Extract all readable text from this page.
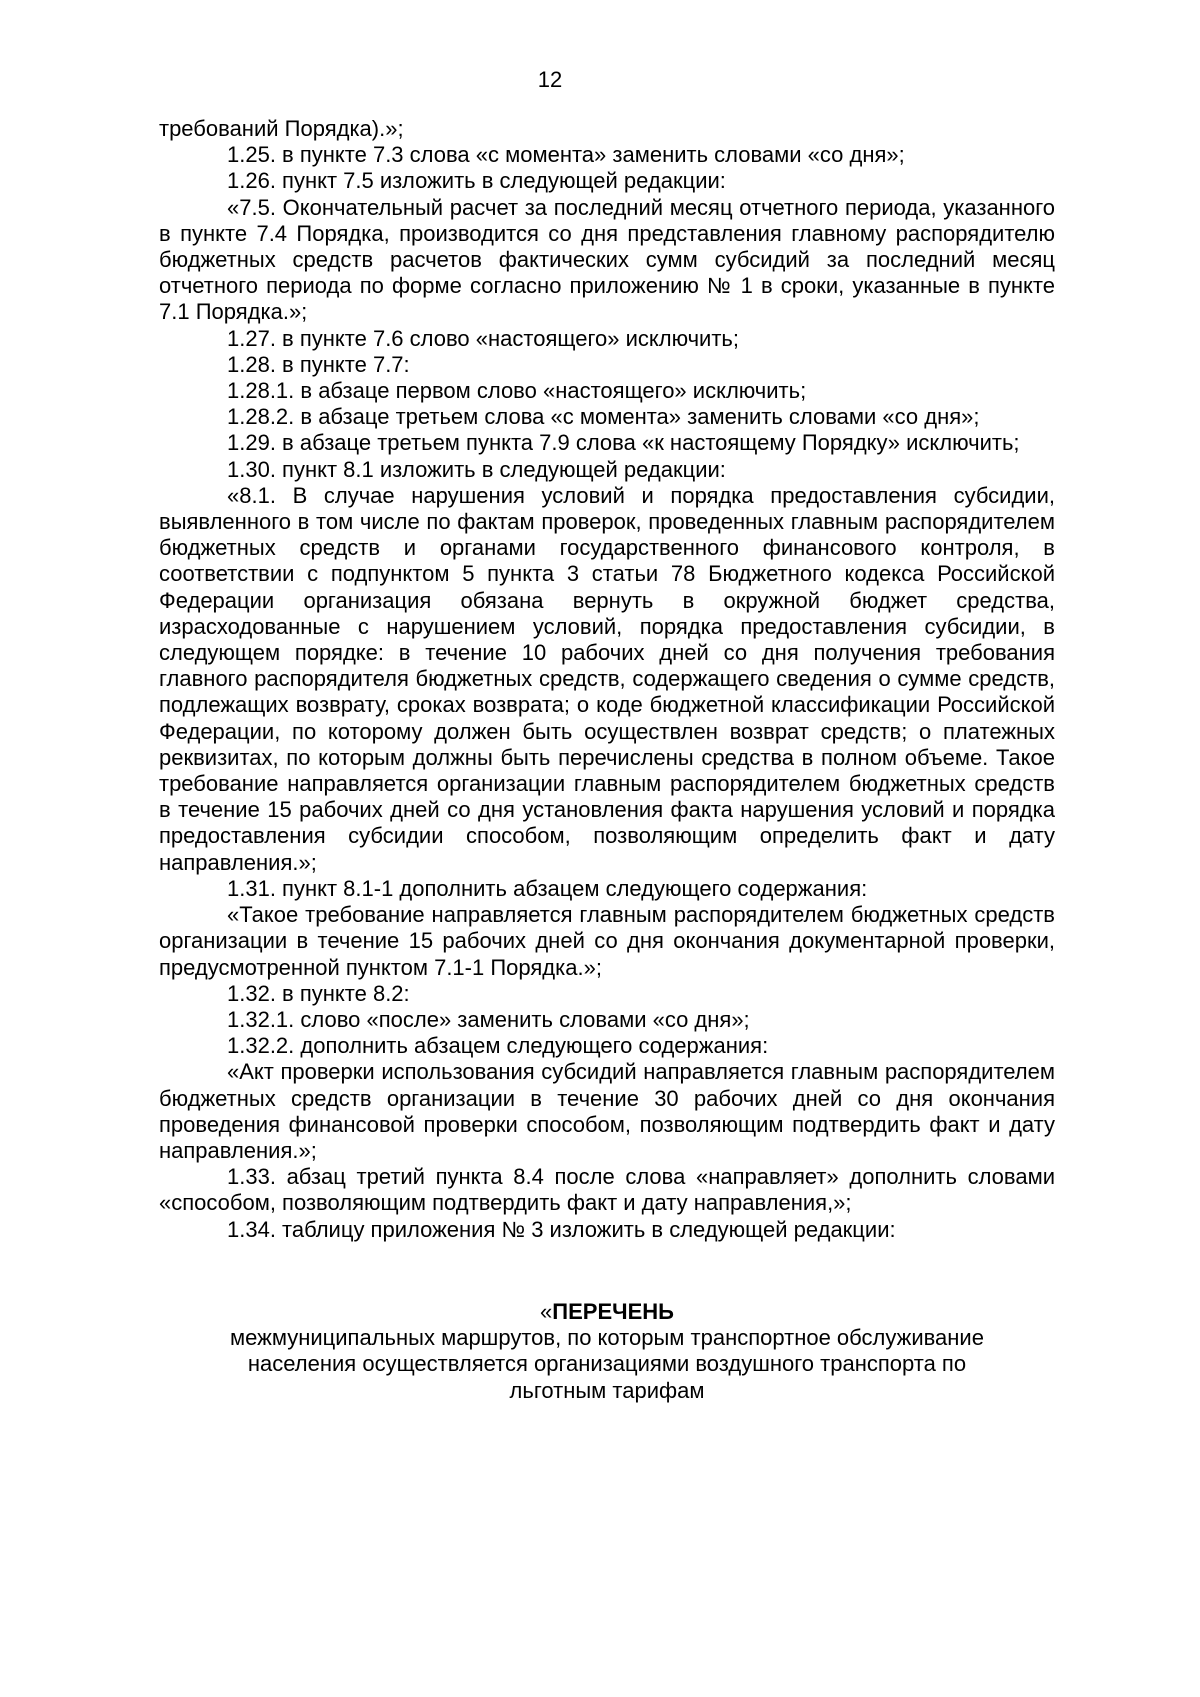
12

требований Порядка).»;

1.25. в пункте 7.3 слова «с момента» заменить словами «со дня»;

1.26. пункт 7.5 изложить в следующей редакции:

«7.5. Окончательный расчет за последний месяц отчетного периода, указанного в пункте 7.4 Порядка, производится со дня представления главному распорядителю бюджетных средств расчетов фактических сумм субсидий за последний месяц отчетного периода по форме согласно приложению № 1 в сроки, указанные в пункте 7.1 Порядка.»;

1.27. в пункте 7.6 слово «настоящего» исключить;

1.28. в пункте 7.7:

1.28.1. в абзаце первом слово «настоящего» исключить;

1.28.2. в абзаце третьем слова «с момента» заменить словами «со дня»;

1.29. в абзаце третьем пункта 7.9 слова «к настоящему Порядку» исключить;

1.30. пункт 8.1 изложить в следующей редакции:

«8.1. В случае нарушения условий и порядка предоставления субсидии, выявленного в том числе по фактам проверок, проведенных главным распорядителем бюджетных средств и органами государственного финансового контроля, в соответствии с подпунктом 5 пункта 3 статьи 78 Бюджетного кодекса Российской Федерации организация обязана вернуть в окружной бюджет средства, израсходованные с нарушением условий, порядка предоставления субсидии, в следующем порядке: в течение 10 рабочих дней со дня получения требования главного распорядителя бюджетных средств, содержащего сведения о сумме средств, подлежащих возврату, сроках возврата; о коде бюджетной классификации Российской Федерации, по которому должен быть осуществлен возврат средств; о платежных реквизитах, по которым должны быть перечислены средства в полном объеме. Такое требование направляется организации главным распорядителем бюджетных средств в течение 15 рабочих дней со дня установления факта нарушения условий и порядка предоставления субсидии способом, позволяющим определить факт и дату направления.»;

1.31. пункт 8.1-1 дополнить абзацем следующего содержания:

«Такое требование направляется главным распорядителем бюджетных средств организации в течение 15 рабочих дней со дня окончания документарной проверки, предусмотренной пунктом 7.1-1 Порядка.»;

1.32. в пункте 8.2:

1.32.1. слово «после» заменить словами «со дня»;

1.32.2. дополнить абзацем следующего содержания:

«Акт проверки использования субсидий направляется главным распорядителем бюджетных средств организации в течение 30 рабочих дней со дня окончания проведения финансовой проверки способом, позволяющим подтвердить факт и дату направления.»;

1.33. абзац третий пункта 8.4 после слова «направляет» дополнить словами «способом, позволяющим подтвердить факт и дату направления,»;

1.34. таблицу приложения № 3 изложить в следующей редакции:

«ПЕРЕЧЕНЬ
межмуниципальных маршрутов, по которым транспортное обслуживание
населения осуществляется организациями воздушного транспорта по
льготным тарифам
